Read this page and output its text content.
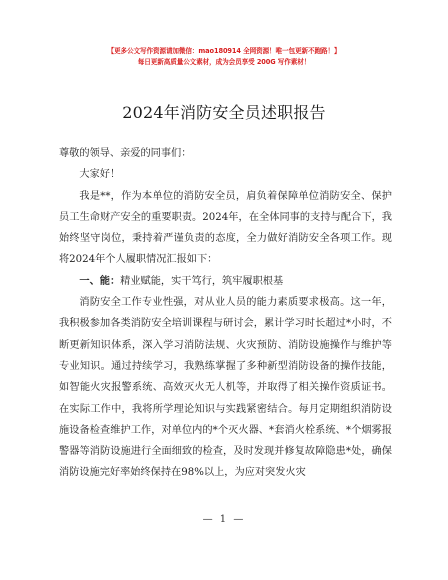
【更多公文写作资源请加微信：mao180914 全网资源！唯一包更新不跑路！】
每日更新高质量公文素材，成为会员享受 200G 写作素材！
2024年消防安全员述职报告

尊敬的领导、亲爱的同事们：

大家好！

我是**，作为本单位的消防安全员，肩负着保障单位消防安全、保护员工生命财产安全的重要职责。2024年，在全体同事的支持与配合下，我始终坚守岗位，秉持着严谨负责的态度，全力做好消防安全各项工作。现将2024年个人履职情况汇报如下：

一、能：精业赋能，实干笃行，筑牢履职根基

消防安全工作专业性强，对从业人员的能力素质要求极高。这一年，我积极参加各类消防安全培训课程与研讨会，累计学习时长超过*小时，不断更新知识体系，深入学习消防法规、火灾预防、消防设施操作与维护等专业知识。通过持续学习，我熟练掌握了多种新型消防设备的操作技能，如智能火灾报警系统、高效灭火无人机等，并取得了相关操作资质证书。在实际工作中，我将所学理论知识与实践紧密结合。每月定期组织消防设施设备检查维护工作，对单位内的*个灭火器、*套消火栓系统、*个烟雾报警器等消防设施进行全面细致的检查，及时发现并修复故障隐患*处，确保消防设施完好率始终保持在98%以上，为应对突发火灾

— 1 —
